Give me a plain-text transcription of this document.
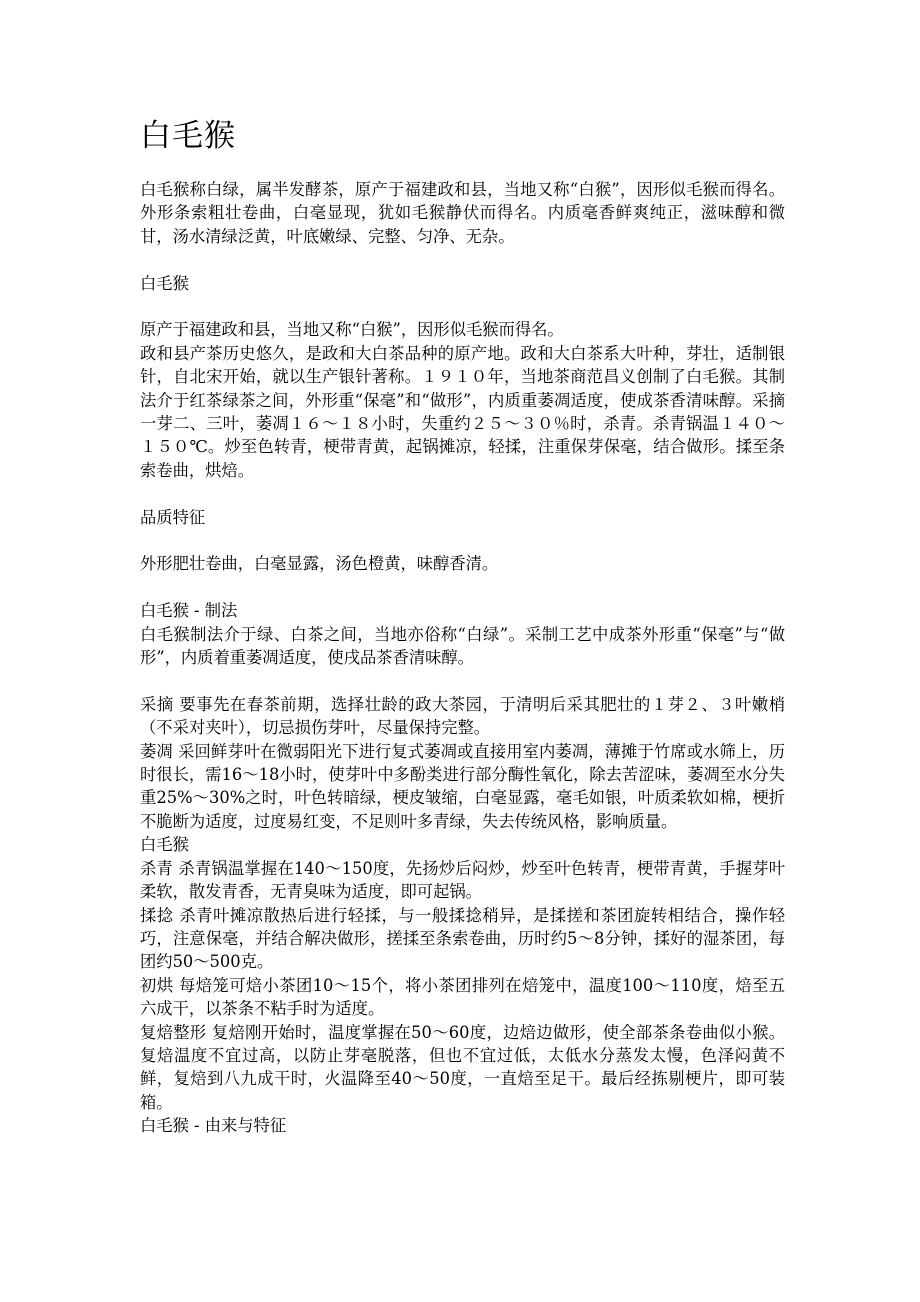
白毛猴

白毛猴称白绿，属半发酵茶，原产于福建政和县，当地又称“白猴”，因形似毛猴而得名。外形条索粗壮卷曲，白毫显现，犹如毛猴静伏而得名。内质毫香鲜爽纯正，滋味醇和微甘，汤水清绿泛黄，叶底嫩绿、完整、匀净、无杂。

白毛猴

原产于福建政和县，当地又称“白猴”，因形似毛猴而得名。

政和县产茶历史悠久，是政和大白茶品种的原产地。政和大白茶系大叶种，芽壮，适制银针，自北宋开始，就以生产银针著称。１９１０年，当地茶商范昌义创制了白毛猴。其制法介于红茶绿茶之间，外形重“保毫”和“做形”，内质重萎凋适度，使成茶香清味醇。采摘一芽二、三叶，萎凋１６～１８小时，失重约２５～３０％时，杀青。杀青锅温１４０～１５０℃。炒至色转青，梗带青黄，起锅摊凉，轻揉，注重保芽保毫，结合做形。揉至条索卷曲，烘焙。

品质特征

外形肥壮卷曲，白毫显露，汤色橙黄，味醇香清。

白毛猴 - 制法

白毛猴制法介于绿、白茶之间，当地亦俗称“白绿”。采制工艺中成茶外形重“保毫”与“做形”，内质着重萎凋适度，使戌品茶香清味醇。

采摘 要事先在春茶前期，选择壮龄的政大茶园，于清明后采其肥壮的１芽２、３叶嫩梢（不采对夹叶），切忌损伤芽叶，尽量保持完整。

萎凋 采回鲜芽叶在微弱阳光下进行复式萎凋或直接用室内萎凋，薄摊于竹席或水筛上，历时很长，需16～18小时，使芽叶中多酚类进行部分酶性氧化，除去苦涩味，萎凋至水分失重25%～30%之时，叶色转暗绿，梗皮皱缩，白毫显露，毫毛如银，叶质柔软如棉，梗折不脆断为适度，过度易红变，不足则叶多青绿，失去传统风格，影响质量。

白毛猴

杀青 杀青锅温掌握在140～150度，先扬炒后闷炒，炒至叶色转青，梗带青黄，手握芽叶柔软，散发青香，无青臭味为适度，即可起锅。

揉捻 杀青叶摊凉散热后进行轻揉，与一般揉捻稍异，是揉搓和茶团旋转相结合，操作轻巧，注意保毫，并结合解决做形，搓揉至条索卷曲，历时约5～8分钟，揉好的湿茶团，每团约50～500克。

初烘 每焙笼可焙小茶团10～15个，将小茶团排列在焙笼中，温度100～110度，焙至五六成干，以茶条不粘手时为适度。

复焙整形 复焙刚开始时，温度掌握在50～60度，边焙边做形，使全部茶条卷曲似小猴。复焙温度不宜过高，以防止芽毫脱落，但也不宜过低，太低水分蒸发太慢，色泽闷黄不鲜，复焙到八九成干时，火温降至40～50度，一直焙至足干。最后经拣剔梗片，即可装箱。

白毛猴 - 由来与特征
